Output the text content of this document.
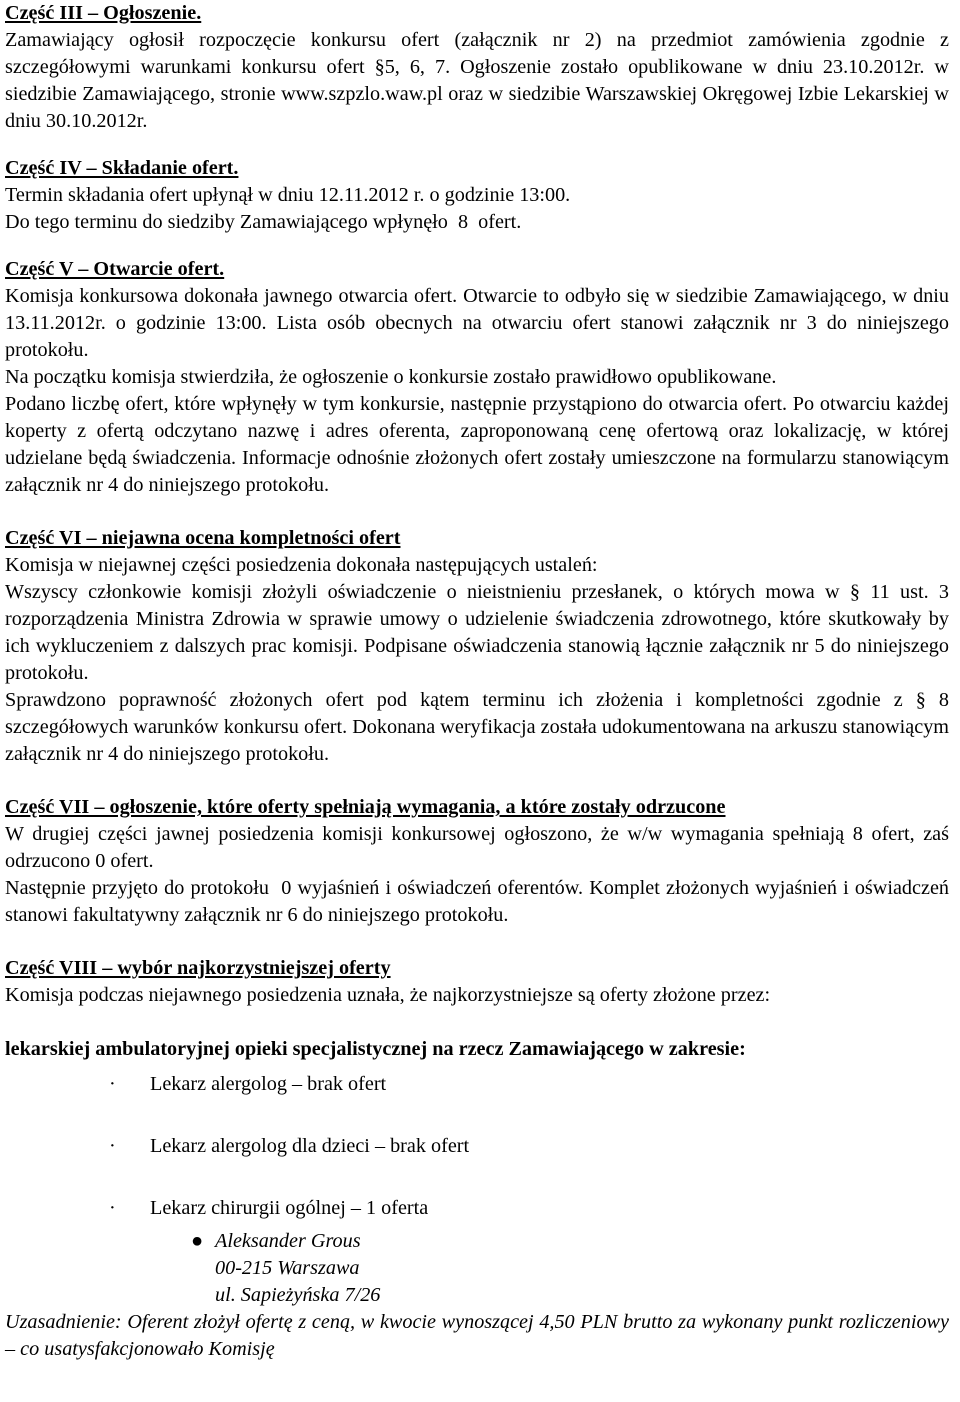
Część III – Ogłoszenie.

Zamawiający ogłosił rozpoczęcie konkursu ofert (załącznik nr 2) na przedmiot zamówienia zgodnie z szczegółowymi warunkami konkursu ofert §5, 6, 7. Ogłoszenie zostało opublikowane w dniu 23.10.2012r. w siedzibie Zamawiającego, stronie www.szpzlo.waw.pl oraz w siedzibie Warszawskiej Okręgowej Izbie Lekarskiej w dniu 30.10.2012r.

Część IV – Składanie ofert.
Termin składania ofert upłynął w dniu 12.11.2012 r. o godzinie 13:00.
Do tego terminu do siedziby Zamawiającego wpłynęło  8  ofert.
Część V – Otwarcie ofert.

Komisja konkursowa dokonała jawnego otwarcia ofert. Otwarcie to odbyło się w siedzibie Zamawiającego, w dniu 13.11.2012r. o godzinie 13:00. Lista osób obecnych na otwarciu ofert stanowi załącznik nr 3 do niniejszego protokołu.

Na początku komisja stwierdziła, że ogłoszenie o konkursie zostało prawidłowo opublikowane.

Podano liczbę ofert, które wpłynęły w tym konkursie, następnie przystąpiono do otwarcia ofert. Po otwarciu każdej koperty z ofertą odczytano nazwę i adres oferenta, zaproponowaną cenę ofertową oraz lokalizację, w której udzielane będą świadczenia. Informacje odnośnie złożonych ofert zostały umieszczone na formularzu stanowiącym załącznik nr 4 do niniejszego protokołu.

Część VI – niejawna ocena kompletności ofert

Komisja w niejawnej części posiedzenia dokonała następujących ustaleń:

Wszyscy członkowie komisji złożyli oświadczenie o nieistnieniu przesłanek, o których mowa w § 11 ust. 3 rozporządzenia Ministra Zdrowia w sprawie umowy o udzielenie świadczenia zdrowotnego, które skutkowały by ich wykluczeniem z dalszych prac komisji. Podpisane oświadczenia stanowią łącznie załącznik nr 5 do niniejszego protokołu.

Sprawdzono poprawność złożonych ofert pod kątem terminu ich złożenia i kompletności zgodnie z § 8 szczegółowych warunków konkursu ofert. Dokonana weryfikacja została udokumentowana na arkuszu stanowiącym załącznik nr 4 do niniejszego protokołu.

Część VII – ogłoszenie, które oferty spełniają wymagania, a które zostały odrzucone

W drugiej części jawnej posiedzenia komisji konkursowej ogłoszono, że w/w wymagania spełniają 8 ofert, zaś odrzucono 0 ofert.

Następnie przyjęto do protokołu  0 wyjaśnień i oświadczeń oferentów. Komplet złożonych wyjaśnień i oświadczeń stanowi fakultatywny załącznik nr 6 do niniejszego protokołu.

Część VIII – wybór najkorzystniejszej oferty

Komisja podczas niejawnego posiedzenia uznała, że najkorzystniejsze są oferty złożone przez:

lekarskiej ambulatoryjnej opieki specjalistycznej na rzecz Zamawiającego w zakresie:
· Lekarz alergolog – brak ofert
· Lekarz alergolog dla dzieci – brak ofert
· Lekarz chirurgii ogólnej – 1 oferta
● Aleksander Grous
00-215 Warszawa
ul. Sapieżyńska 7/26

Uzasadnienie: Oferent złożył ofertę z ceną, w kwocie wynoszącej 4,50 PLN brutto za wykonany punkt rozliczeniowy – co usatysfakcjonowało Komisję
